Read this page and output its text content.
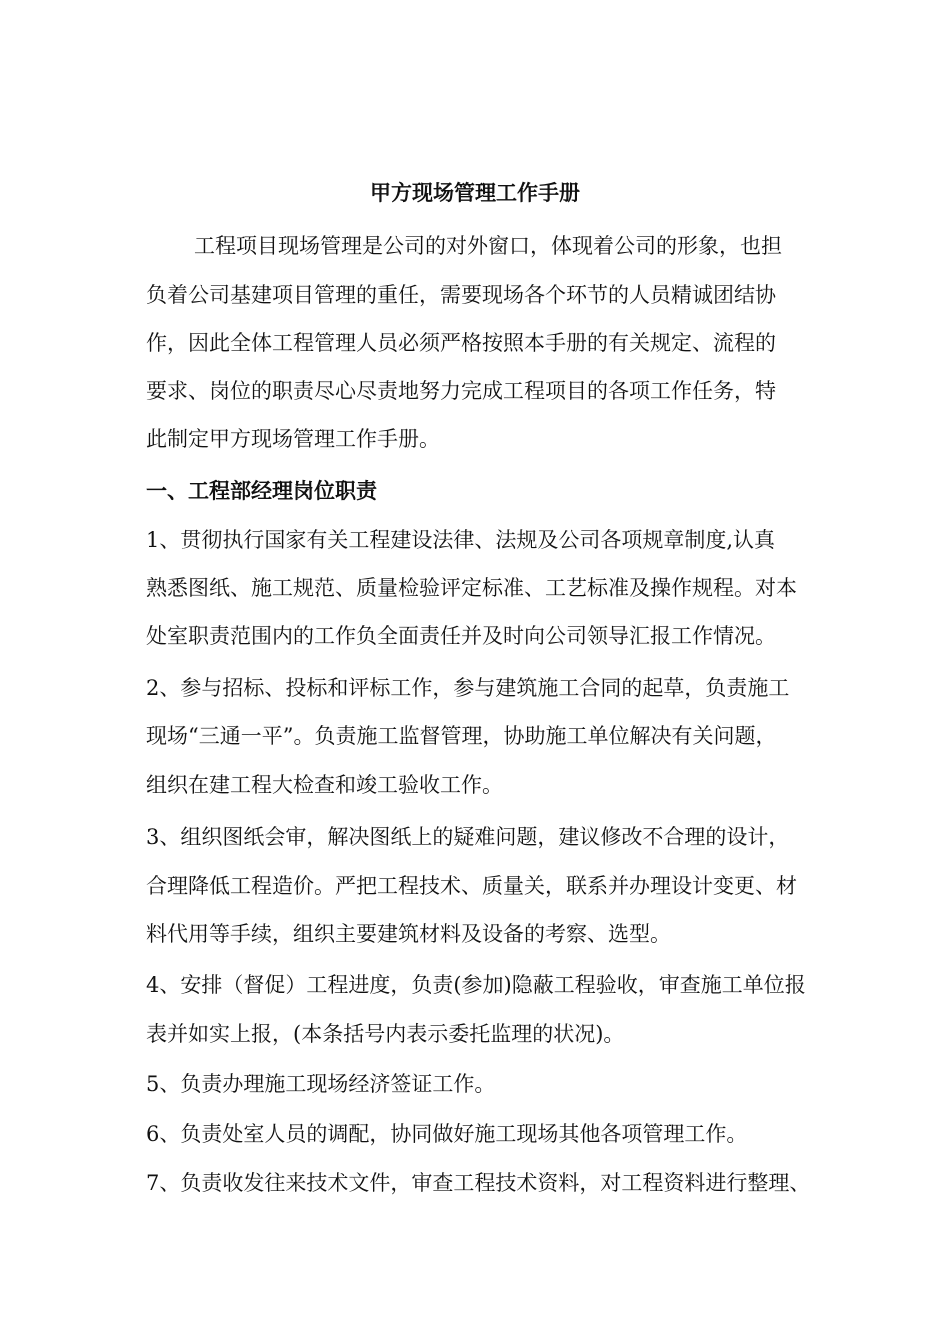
甲方现场管理工作手册
工程项目现场管理是公司的对外窗口，体现着公司的形象，也担
负着公司基建项目管理的重任，需要现场各个环节的人员精诚团结协
作，因此全体工程管理人员必须严格按照本手册的有关规定、流程的
要求、岗位的职责尽心尽责地努力完成工程项目的各项工作任务，特
此制定甲方现场管理工作手册。
一、工程部经理岗位职责
1、贯彻执行国家有关工程建设法律、法规及公司各项规章制度,认真
熟悉图纸、施工规范、质量检验评定标准、工艺标准及操作规程。对本
处室职责范围内的工作负全面责任并及时向公司领导汇报工作情况。
2、参与招标、投标和评标工作，参与建筑施工合同的起草，负责施工
现场“三通一平”。负责施工监督管理，协助施工单位解决有关问题，
组织在建工程大检查和竣工验收工作。
3、组织图纸会审，解决图纸上的疑难问题，建议修改不合理的设计，
合理降低工程造价。严把工程技术、质量关，联系并办理设计变更、材
料代用等手续，组织主要建筑材料及设备的考察、选型。
4、安排（督促）工程进度，负责(参加)隐蔽工程验收，审查施工单位报
表并如实上报，(本条括号内表示委托监理的状况)。
5、负责办理施工现场经济签证工作。
6、负责处室人员的调配，协同做好施工现场其他各项管理工作。
7、负责收发往来技术文件，审查工程技术资料，对工程资料进行整理、
